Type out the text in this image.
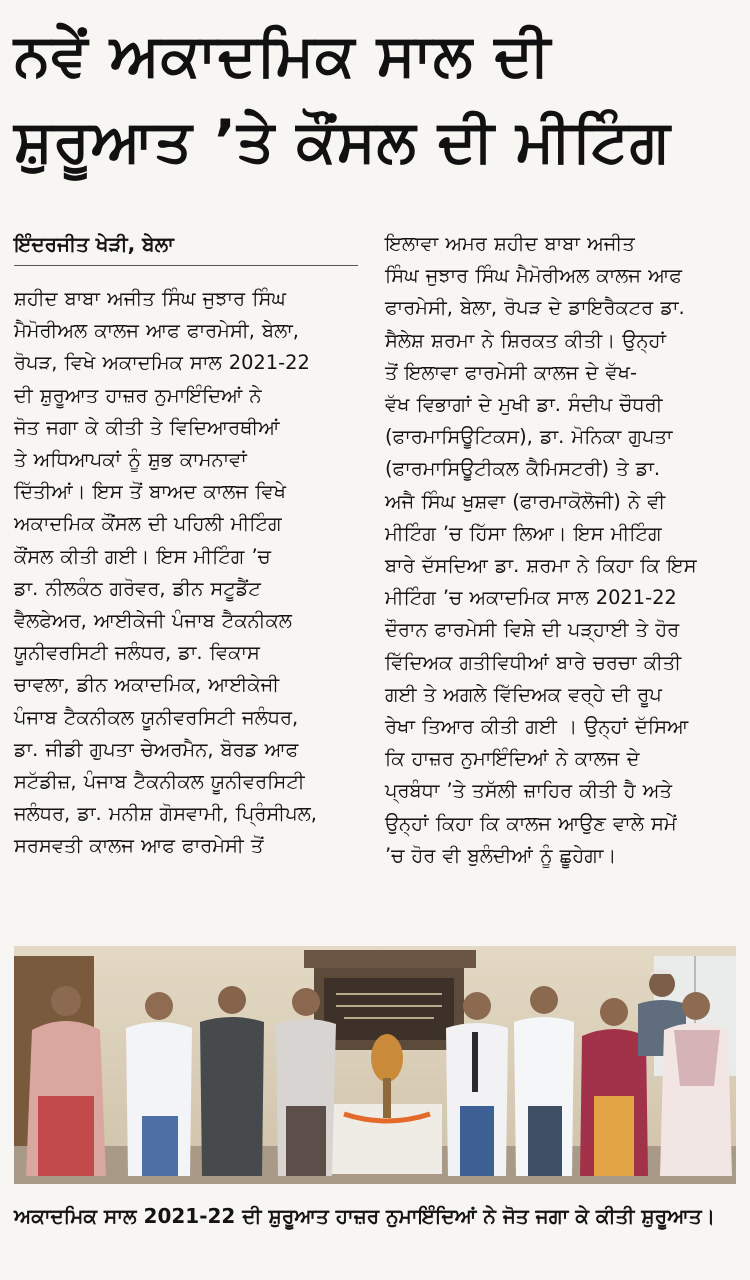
ਨਵੇਂ ਅਕਾਦਮਿਕ ਸਾਲ ਦੀ
ਸ਼ੁਰੂਆਤ ’ਤੇ ਕੌਂਸਲ ਦੀ ਮੀਟਿੰਗ
ਇੰਦਰਜੀਤ ਖੇੜੀ, ਬੇਲਾ
ਸ਼ਹੀਦ ਬਾਬਾ ਅਜੀਤ ਸਿੰਘ ਜੁਝਾਰ ਸਿੰਘ
ਮੈਮੋਰੀਅਲ ਕਾਲਜ ਆਫ ਫਾਰਮੇਸੀ, ਬੇਲਾ,
ਰੋਪੜ, ਵਿਖੇ ਅਕਾਦਮਿਕ ਸਾਲ 2021-22
ਦੀ ਸ਼ੁਰੂਆਤ ਹਾਜ਼ਰ ਨੁਮਾਇੰਦਿਆਂ ਨੇ
ਜੋਤ ਜਗਾ ਕੇ ਕੀਤੀ ਤੇ ਵਿਦਿਆਰਥੀਆਂ
ਤੇ ਅਧਿਆਪਕਾਂ ਨੂੰ ਸ਼ੁਭ ਕਾਮਨਾਵਾਂ
ਦਿੱਤੀਆਂ। ਇਸ ਤੋਂ ਬਾਅਦ ਕਾਲਜ ਵਿਖੇ
ਅਕਾਦਮਿਕ ਕੌਂਸਲ ਦੀ ਪਹਿਲੀ ਮੀਟਿੰਗ
ਕੌਂਸਲ ਕੀਤੀ ਗਈ। ਇਸ ਮੀਟਿੰਗ ’ਚ
ਡਾ. ਨੀਲਕੰਠ ਗਰੋਵਰ, ਡੀਨ ਸਟੂਡੈਂਟ
ਵੈਲਫੇਅਰ, ਆਈਕੇਜੀ ਪੰਜਾਬ ਟੈਕਨੀਕਲ
ਯੂਨੀਵਰਸਿਟੀ ਜਲੰਧਰ, ਡਾ. ਵਿਕਾਸ
ਚਾਵਲਾ, ਡੀਨ ਅਕਾਦਮਿਕ, ਆਈਕੇਜੀ
ਪੰਜਾਬ ਟੈਕਨੀਕਲ ਯੂਨੀਵਰਸਿਟੀ ਜਲੰਧਰ,
ਡਾ. ਜੀਡੀ ਗੁਪਤਾ ਚੇਅਰਮੈਨ, ਬੋਰਡ ਆਫ
ਸਟੱਡੀਜ਼, ਪੰਜਾਬ ਟੈਕਨੀਕਲ ਯੂਨੀਵਰਸਿਟੀ
ਜਲੰਧਰ, ਡਾ. ਮਨੀਸ਼ ਗੋਸਵਾਮੀ, ਪ੍ਰਿੰਸੀਪਲ,
ਸਰਸਵਤੀ ਕਾਲਜ ਆਫ ਫਾਰਮੇਸੀ ਤੋਂ
ਇਲਾਵਾ ਅਮਰ ਸ਼ਹੀਦ ਬਾਬਾ ਅਜੀਤ
ਸਿੰਘ ਜੁਝਾਰ ਸਿੰਘ ਮੈਮੋਰੀਅਲ ਕਾਲਜ ਆਫ
ਫਾਰਮੇਸੀ, ਬੇਲਾ, ਰੋਪੜ ਦੇ ਡਾਇਰੈਕਟਰ ਡਾ.
ਸੈਲੇਸ਼ ਸ਼ਰਮਾ ਨੇ ਸ਼ਿਰਕਤ ਕੀਤੀ। ਉਨ੍ਹਾਂ
ਤੋਂ ਇਲਾਵਾ ਫਾਰਮੇਸੀ ਕਾਲਜ ਦੇ ਵੱਖ-
ਵੱਖ ਵਿਭਾਗਾਂ ਦੇ ਮੁਖੀ ਡਾ. ਸੰਦੀਪ ਚੌਧਰੀ
(ਫਾਰਮਾਸਿਊਟਿਕਸ), ਡਾ. ਮੋਨਿਕਾ ਗੁਪਤਾ
(ਫਾਰਮਾਸਿਊਟੀਕਲ ਕੈਮਿਸਟਰੀ) ਤੇ ਡਾ.
ਅਜੈ ਸਿੰਘ ਖੁਸ਼ਵਾ (ਫਾਰਮਾਕੋਲੋਜੀ) ਨੇ ਵੀ
ਮੀਟਿੰਗ ’ਚ ਹਿੱਸਾ ਲਿਆ। ਇਸ ਮੀਟਿੰਗ
ਬਾਰੇ ਦੱਸਦਿਆ ਡਾ. ਸ਼ਰਮਾ ਨੇ ਕਿਹਾ ਕਿ ਇਸ
ਮੀਟਿੰਗ ’ਚ ਅਕਾਦਮਿਕ ਸਾਲ 2021-22
ਦੌਰਾਨ ਫਾਰਮੇਸੀ ਵਿਸ਼ੇ ਦੀ ਪੜ੍ਹਾਈ ਤੇ ਹੋਰ
ਵਿੱਦਿਅਕ ਗਤੀਵਿਧੀਆਂ ਬਾਰੇ ਚਰਚਾ ਕੀਤੀ
ਗਈ ਤੇ ਅਗਲੇ ਵਿੱਦਿਅਕ ਵਰ੍ਹੇ ਦੀ ਰੂਪ
ਰੇਖਾ ਤਿਆਰ ਕੀਤੀ ਗਈ । ਉਨ੍ਹਾਂ ਦੱਸਿਆ
ਕਿ ਹਾਜ਼ਰ ਨੁਮਾਇੰਦਿਆਂ ਨੇ ਕਾਲਜ ਦੇ
ਪ੍ਰਬੰਧਾ ’ਤੇ ਤਸੱਲੀ ਜ਼ਾਹਿਰ ਕੀਤੀ ਹੈ ਅਤੇ
ਉਨ੍ਹਾਂ ਕਿਹਾ ਕਿ ਕਾਲਜ ਆਉਣ ਵਾਲੇ ਸਮੇਂ
’ਚ ਹੋਰ ਵੀ ਬੁਲੰਦੀਆਂ ਨੂੰ ਛੂਹੇਗਾ।
ਅਕਾਦਮਿਕ ਸਾਲ 2021-22 ਦੀ ਸ਼ੁਰੂਆਤ ਹਾਜ਼ਰ ਨੁਮਾਇੰਦਿਆਂ ਨੇ ਜੋਤ ਜਗਾ ਕੇ ਕੀਤੀ ਸ਼ੁਰੂਆਤ।
